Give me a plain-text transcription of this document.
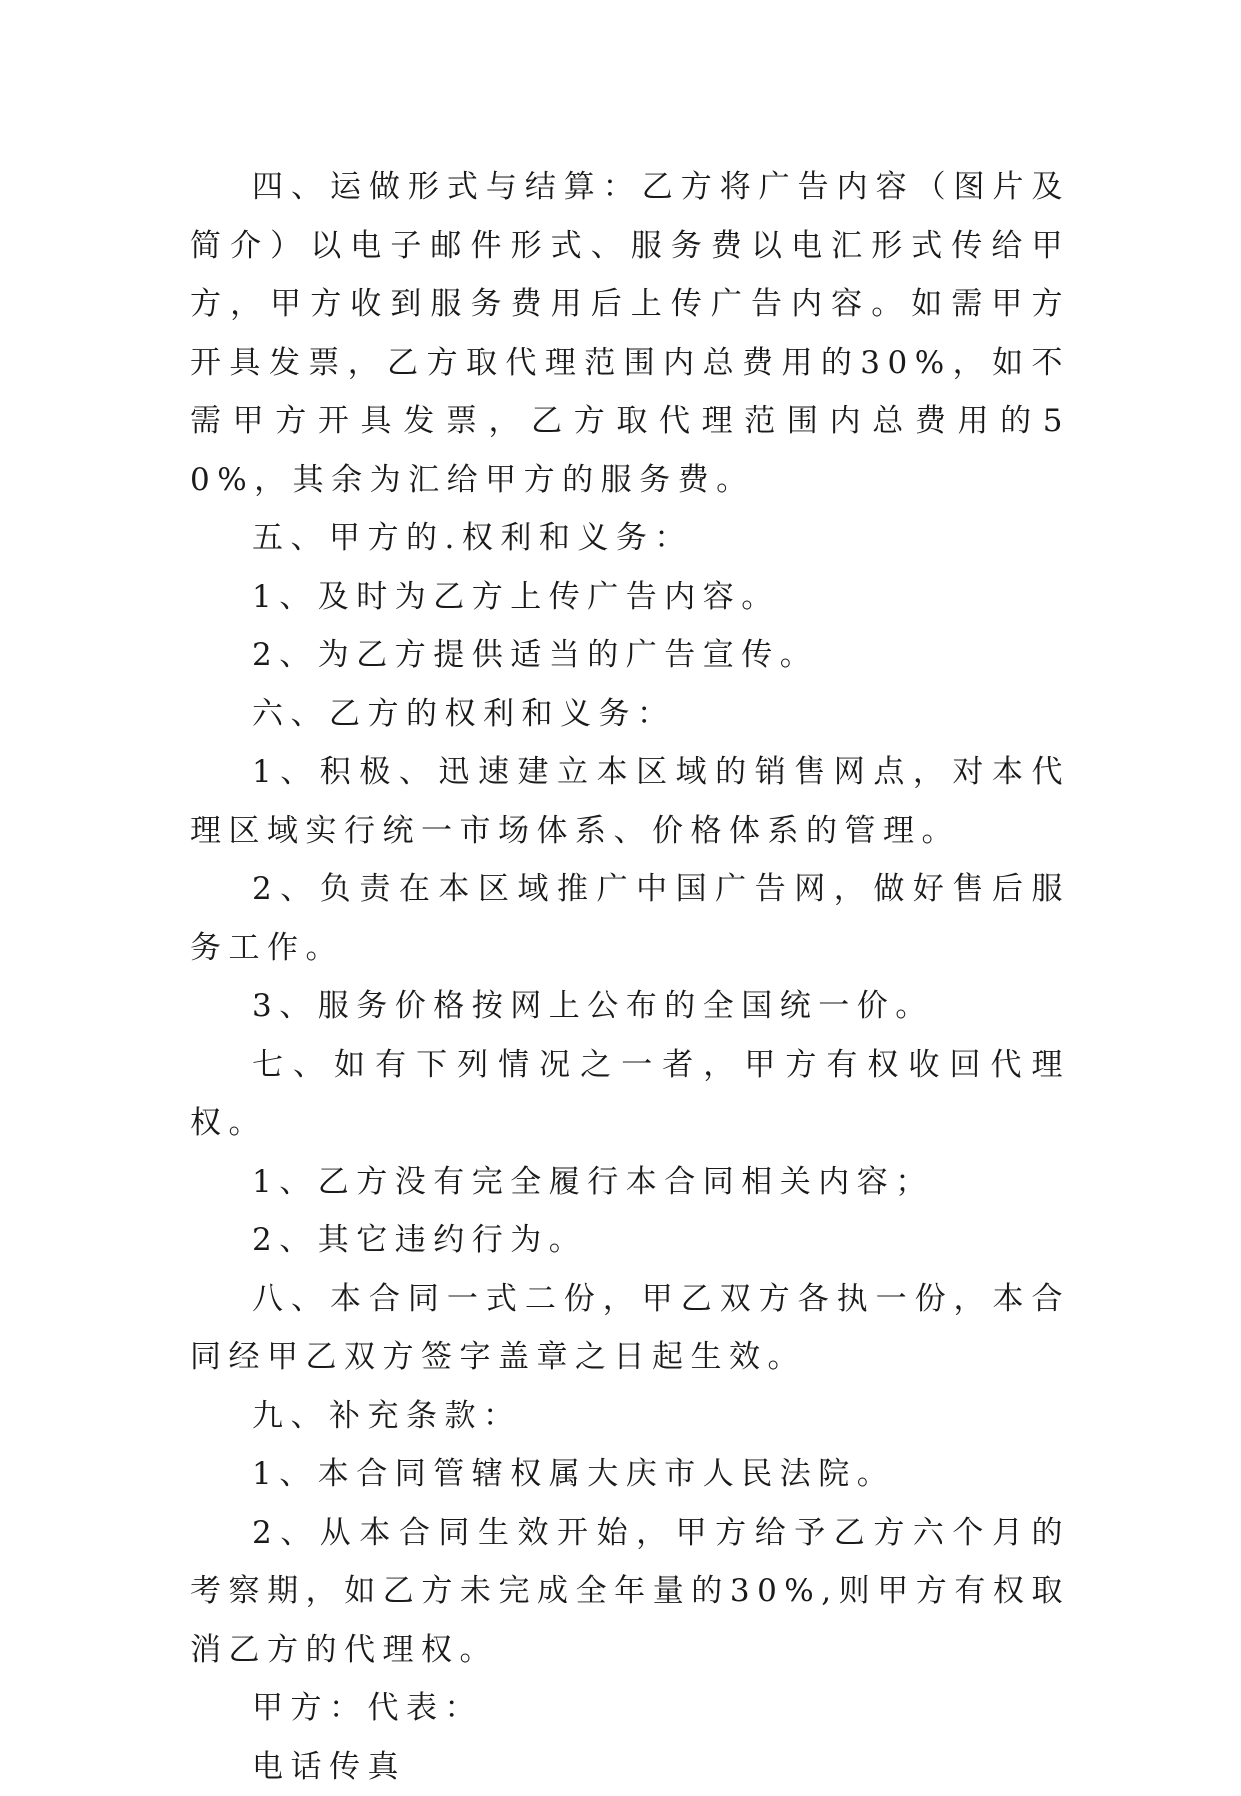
四、运做形式与结算：乙方将广告内容（图片及简介）以电子邮件形式、服务费以电汇形式传给甲方，甲方收到服务费用后上传广告内容。如需甲方开具发票，乙方取代理范围内总费用的30%，如不需甲方开具发票，乙方取代理范围内总费用的50%，其余为汇给甲方的服务费。

五、甲方的.权利和义务：

1、及时为乙方上传广告内容。

2、为乙方提供适当的广告宣传。

六、乙方的权利和义务：

1、积极、迅速建立本区域的销售网点，对本代理区域实行统一市场体系、价格体系的管理。

2、负责在本区域推广中国广告网，做好售后服务工作。

3、服务价格按网上公布的全国统一价。

七、如有下列情况之一者，甲方有权收回代理权。

1、乙方没有完全履行本合同相关内容；

2、其它违约行为。

八、本合同一式二份，甲乙双方各执一份，本合同经甲乙双方签字盖章之日起生效。

九、补充条款：

1、本合同管辖权属大庆市人民法院。

2、从本合同生效开始，甲方给予乙方六个月的考察期，如乙方未完成全年量的30%,则甲方有权取消乙方的代理权。

甲方：代表：

电话传真
